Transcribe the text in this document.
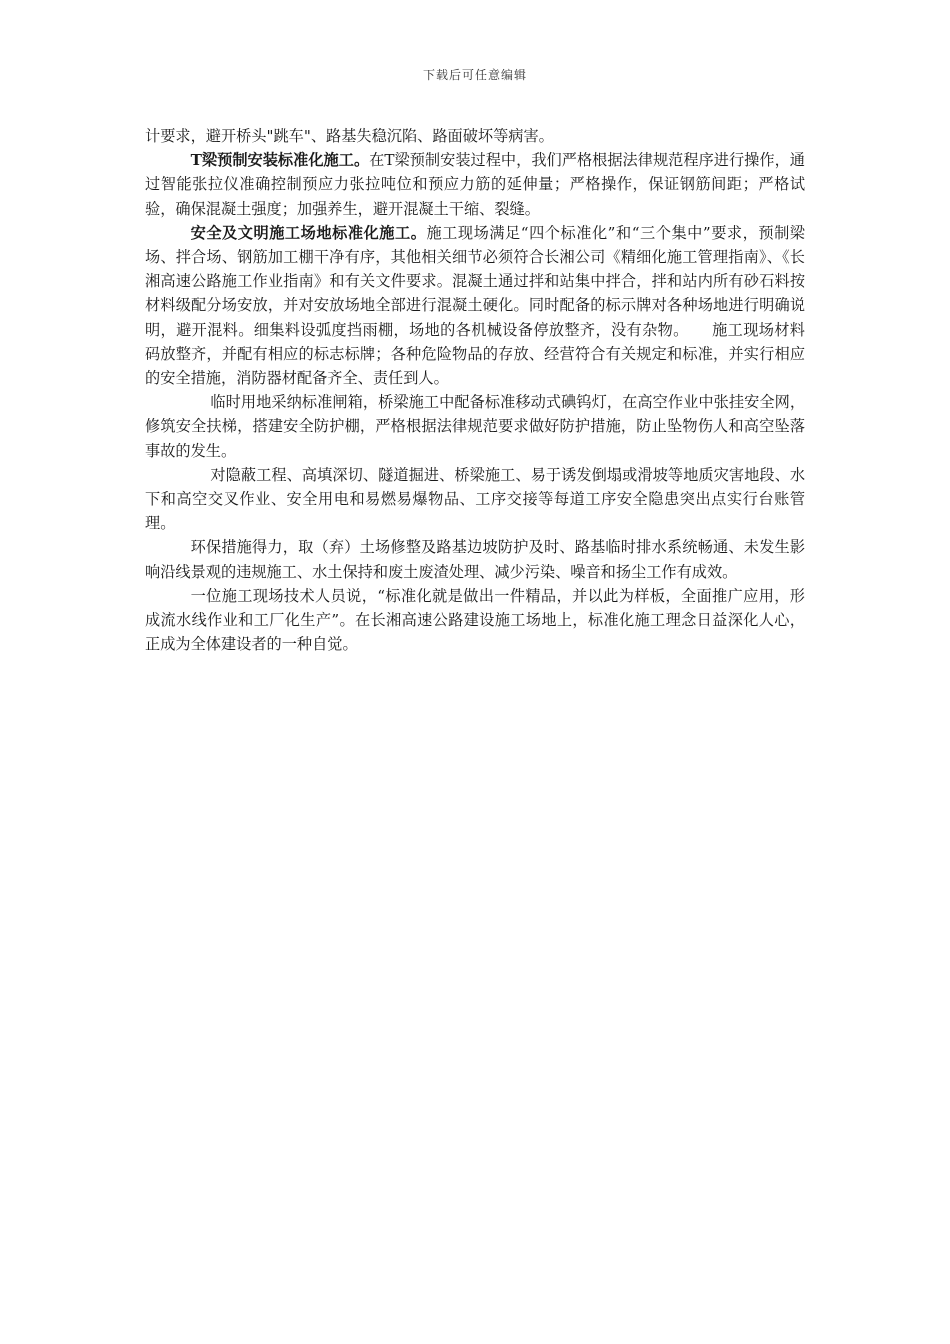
下载后可任意编辑

计要求，避开桥头"跳车"、路基失稳沉陷、路面破坏等病害。

T梁预制安装标准化施工。在T梁预制安装过程中，我们严格根据法律规范程序进行操作，通过智能张拉仪准确控制预应力张拉吨位和预应力筋的延伸量；严格操作，保证钢筋间距；严格试验，确保混凝土强度；加强养生，避开混凝土干缩、裂缝。

安全及文明施工场地标准化施工。施工现场满足“四个标准化”和“三个集中”要求，预制梁场、拌合场、钢筋加工棚干净有序，其他相关细节必须符合长湘公司《精细化施工管理指南》、《长湘高速公路施工作业指南》和有关文件要求。混凝土通过拌和站集中拌合，拌和站内所有砂石料按材料级配分场安放，并对安放场地全部进行混凝土硬化。同时配备的标示牌对各种场地进行明确说明，避开混料。细集料设弧度挡雨棚，场地的各机械设备停放整齐，没有杂物。　　施工现场材料码放整齐，并配有相应的标志标牌；各种危险物品的存放、经营符合有关规定和标准，并实行相应的安全措施，消防器材配备齐全、责任到人。

临时用地采纳标准闸箱，桥梁施工中配备标准移动式碘钨灯，在高空作业中张挂安全网，修筑安全扶梯，搭建安全防护棚，严格根据法律规范要求做好防护措施，防止坠物伤人和高空坠落事故的发生。

对隐蔽工程、高填深切、隧道掘进、桥梁施工、易于诱发倒塌或滑坡等地质灾害地段、水下和高空交叉作业、安全用电和易燃易爆物品、工序交接等每道工序安全隐患突出点实行台账管理。

环保措施得力，取（弃）土场修整及路基边坡防护及时、路基临时排水系统畅通、未发生影响沿线景观的违规施工、水土保持和废土废渣处理、减少污染、噪音和扬尘工作有成效。

一位施工现场技术人员说，“标准化就是做出一件精品，并以此为样板，全面推广应用，形成流水线作业和工厂化生产”。在长湘高速公路建设施工场地上，标准化施工理念日益深化人心，正成为全体建设者的一种自觉。
